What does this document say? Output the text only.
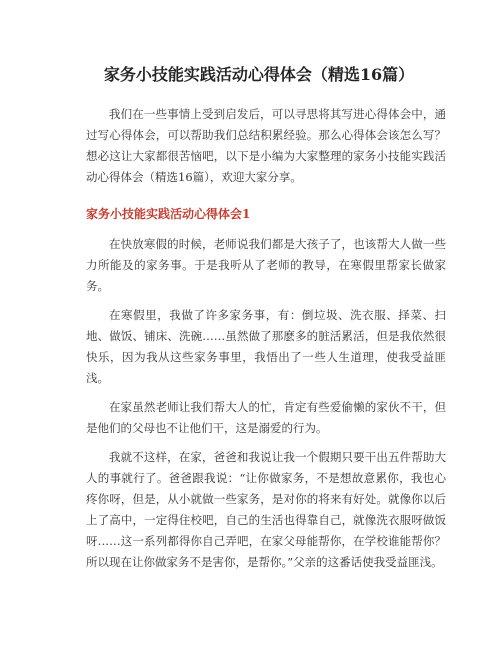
家务小技能实践活动心得体会（精选16篇）

我们在一些事情上受到启发后，可以寻思将其写进心得体会中，通过写心得体会，可以帮助我们总结积累经验。那么心得体会该怎么写？想必这让大家都很苦恼吧，以下是小编为大家整理的家务小技能实践活动心得体会（精选16篇），欢迎大家分享。

家务小技能实践活动心得体会1

在快放寒假的时候，老师说我们都是大孩子了，也该帮大人做一些力所能及的家务事。于是我听从了老师的教导，在寒假里帮家长做家务。

在寒假里，我做了许多家务事，有：倒垃圾、洗衣服、择菜、扫地、做饭、铺床、洗碗……虽然做了那麽多的脏活累活，但是我依然很快乐，因为我从这些家务事里，我悟出了一些人生道理，使我受益匪浅。

在家虽然老师让我们帮大人的忙，肯定有些爱偷懒的家伙不干，但是他们的父母也不让他们干，这是溺爱的行为。

我就不这样，在家，爸爸和我说让我一个假期只要干出五件帮助大人的事就行了。爸爸跟我说：“让你做家务，不是想故意累你，我也心疼你呀，但是，从小就做一些家务，是对你的将来有好处。就像你以后上了高中，一定得住校吧，自己的生活也得靠自己，就像洗衣服呀做饭呀……这一系列都得你自己弄吧，在家父母能帮你，在学校谁能帮你？所以现在让你做家务不是害你，是帮你。”父亲的这番话使我受益匪浅。
